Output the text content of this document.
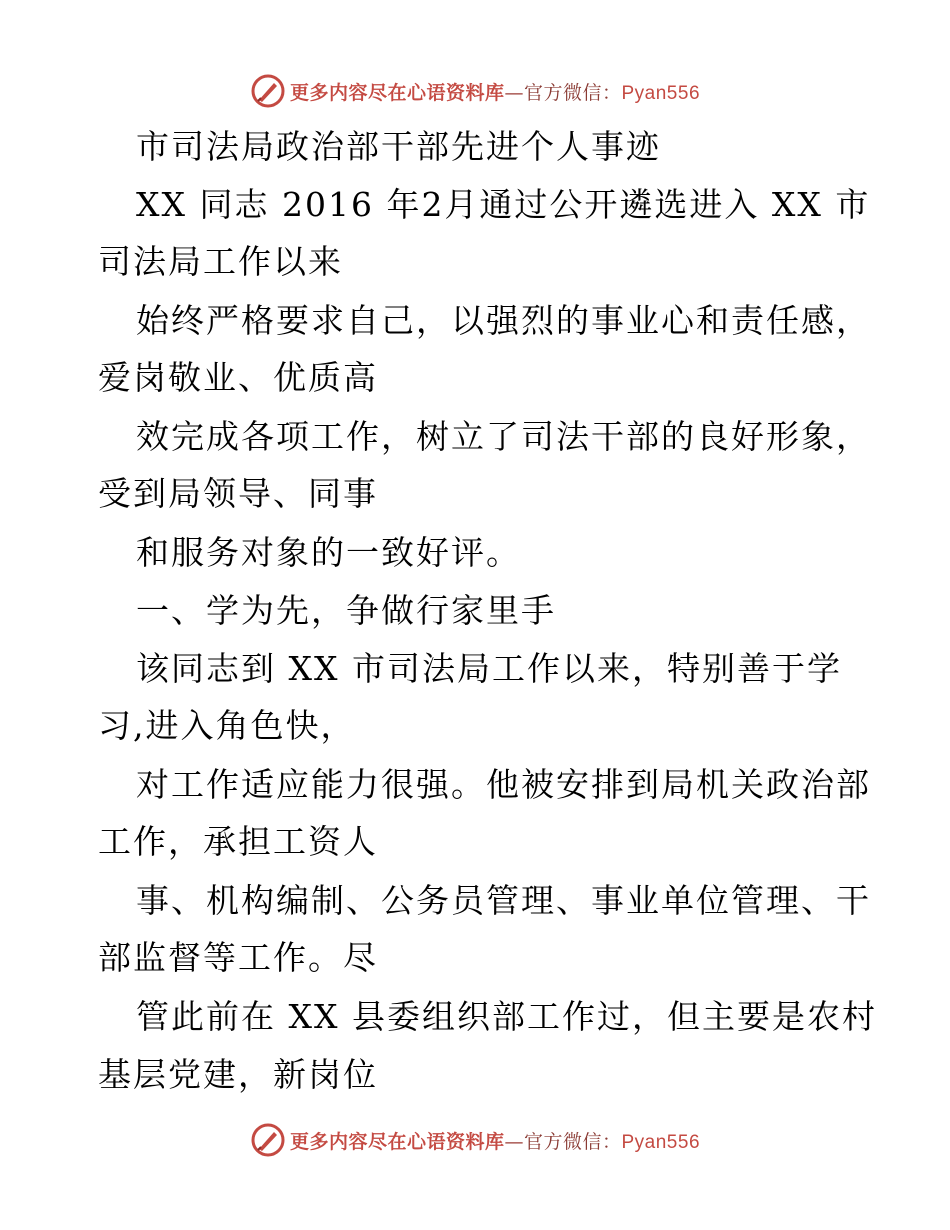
更多内容尽在心语资料库—官方微信：Pyan556
市司法局政治部干部先进个人事迹
XX 同志 2016 年2月通过公开遴选进入 XX 市
司法局工作以来
始终严格要求自己，以强烈的事业心和责任感，
爱岗敬业、优质高
效完成各项工作，树立了司法干部的良好形象，
受到局领导、同事
和服务对象的一致好评。
一、学为先，争做行家里手
该同志到 XX 市司法局工作以来，特别善于学
习,进入角色快，
对工作适应能力很强。他被安排到局机关政治部
工作，承担工资人
事、机构编制、公务员管理、事业单位管理、干
部监督等工作。尽
管此前在 XX 县委组织部工作过，但主要是农村
基层党建，新岗位
更多内容尽在心语资料库—官方微信：Pyan556
